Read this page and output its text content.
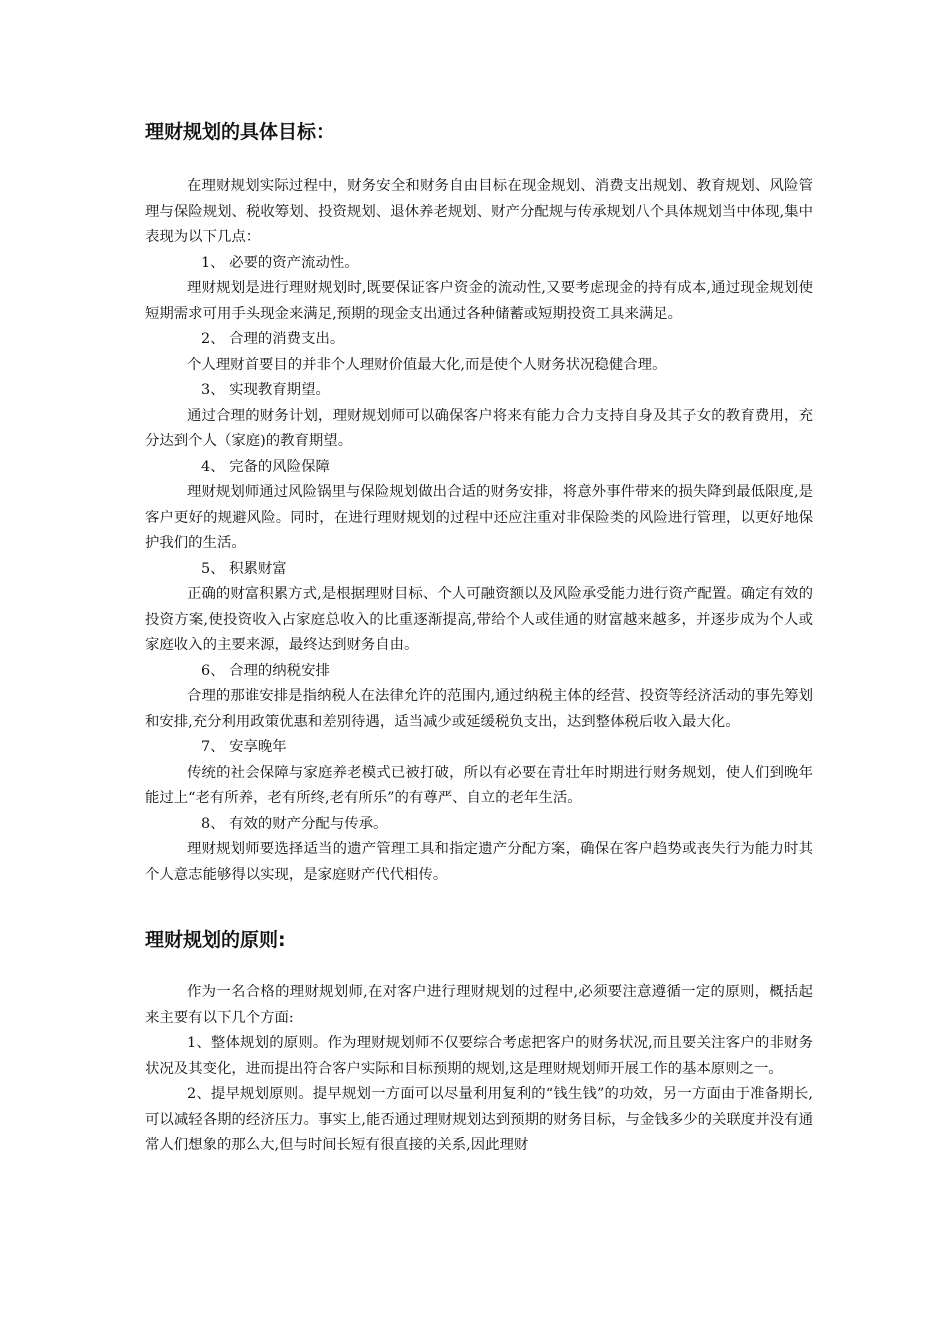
理财规划的具体目标：

在理财规划实际过程中，财务安全和财务自由目标在现金规划、消费支出规划、教育规划、风险管理与保险规划、税收筹划、投资规划、退休养老规划、财产分配规与传承规划八个具体规划当中体现,集中表现为以下几点：

1、 必要的资产流动性。

理财规划是进行理财规划时,既要保证客户资金的流动性,又要考虑现金的持有成本,通过现金规划使短期需求可用手头现金来满足,预期的现金支出通过各种储蓄或短期投资工具来满足。

2、 合理的消费支出。

个人理财首要目的并非个人理财价值最大化,而是使个人财务状况稳健合理。

3、 实现教育期望。

通过合理的财务计划，理财规划师可以确保客户将来有能力合力支持自身及其子女的教育费用，充分达到个人（家庭)的教育期望。

4、 完备的风险保障

理财规划师通过风险锅里与保险规划做出合适的财务安排，将意外事件带来的损失降到最低限度,是客户更好的规避风险。同时，在进行理财规划的过程中还应注重对非保险类的风险进行管理，以更好地保护我们的生活。

5、 积累财富

正确的财富积累方式,是根据理财目标、个人可融资额以及风险承受能力进行资产配置。确定有效的投资方案,使投资收入占家庭总收入的比重逐渐提高,带给个人或佳通的财富越来越多，并逐步成为个人或家庭收入的主要来源，最终达到财务自由。

6、 合理的纳税安排

合理的那谁安排是指纳税人在法律允许的范围内,通过纳税主体的经营、投资等经济活动的事先筹划和安排,充分利用政策优惠和差别待遇，适当减少或延缓税负支出，达到整体税后收入最大化。

7、 安享晚年

传统的社会保障与家庭养老模式已被打破，所以有必要在青壮年时期进行财务规划，使人们到晚年能过上“老有所养，老有所终,老有所乐”的有尊严、自立的老年生活。

8、 有效的财产分配与传承。

理财规划师要选择适当的遗产管理工具和指定遗产分配方案，确保在客户趋势或丧失行为能力时其个人意志能够得以实现，是家庭财产代代相传。

理财规划的原则:

作为一名合格的理财规划师,在对客户进行理财规划的过程中,必须要注意遵循一定的原则，概括起来主要有以下几个方面:

1、整体规划的原则。作为理财规划师不仅要综合考虑把客户的财务状况,而且要关注客户的非财务状况及其变化，进而提出符合客户实际和目标预期的规划,这是理财规划师开展工作的基本原则之一。

2、提早规划原则。提早规划一方面可以尽量利用复利的“钱生钱”的功效，另一方面由于准备期长,可以减轻各期的经济压力。事实上,能否通过理财规划达到预期的财务目标，与金钱多少的关联度并没有通常人们想象的那么大,但与时间长短有很直接的关系,因此理财
